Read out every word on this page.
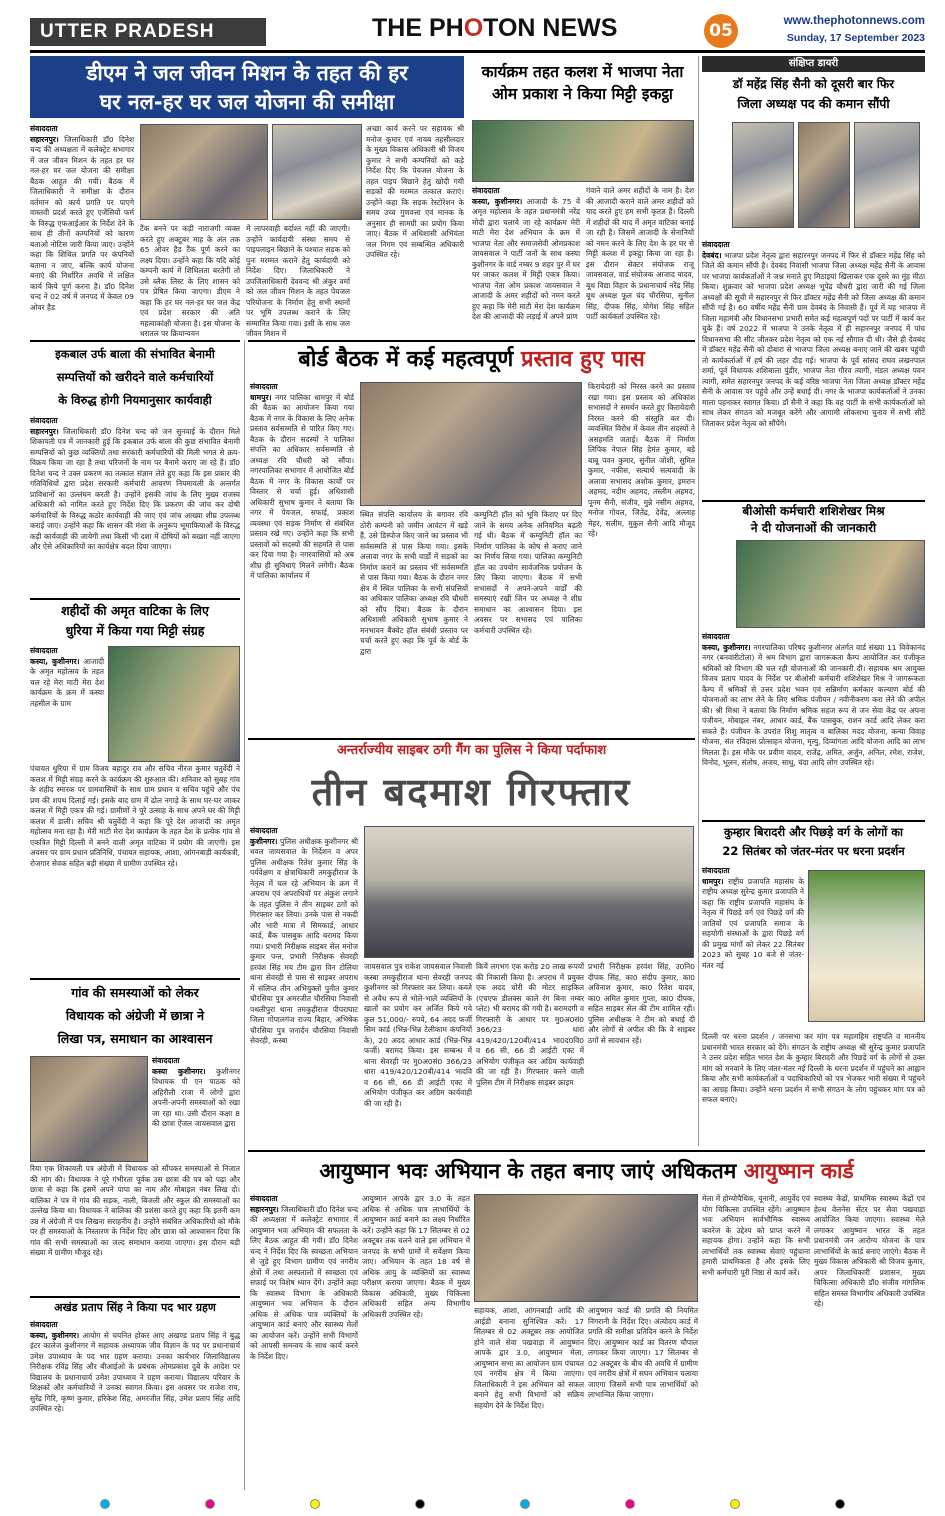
UTTER PRADESH	THE PHOTON NEWS	05	www.thephotonnews.com
Sunday, 17 September 2023
डीएम ने जल जीवन मिशन के तहत की हर
घर नल-हर घर जल योजना की समीक्षा
संवाददाता
सहारनपुर। जिलाधिकारी डॉ0 दिनेश चन्द की अध्यक्षता में कलेक्ट्रेट सभागार में जल जीवन मिशन के तहत हर घर नल-हर घर जल योजना की समीक्षा बैठक आहूत की गयी। बैठक में जिलाधिकारी ने समीक्षा के दौरान वर्तमान को कार्य प्रगति पर पाएगे वास्तवी प्रदर्श करते हुए एजेंसियों फर्म के विरुद्ध एफआईआर के निर्देश देने के साथ ही तीनों कम्पनियों को कारण बताओ नोटिस जारी किया जाए। उन्होंने कहा कि शिथिल प्रगति पर कंपनियों बताना न जाए, बल्कि कार्य योजना बनाएं की निर्धारित अवधि में लक्षित कार्य किये पूर्ण करना है। डॉ0 दिनेश चन्द ने 02 वर्ष में जनपद में केवल 09 ओवर हैड
टैंक बनने पर कड़ी नाराजगी व्यक्त करते हुए अक्टूबर माह के अंत तक 65 ओवर हैड टैंक पूर्ण करने का लक्ष्य दिया। उन्होंने कहा कि यदि कोई कम्पनी कार्य में शिथिलता बरतेगी तो उसे ब्लैक लिस्ट के लिए शासन को पत्र प्रेषित किया जाएगा। डीएम ने कहा कि हर घर नल-हर घर जल केंद्र एवं प्रदेश सरकार की अति महत्वाकांक्षी योजना है। इस योजना के धरातल पर क्रियान्वयन
में लापरवाही बर्दाश्त नहीं की जाएगी। उन्होंने कार्यदायी संस्था समय से पाइपलाइन बिछाने के पश्चात सड़क को पुनः मरम्मत कराने हेतु कार्यदायी को निर्देश दिए। जिलाधिकारी ने उपजिलाधिकारी देववन्द श्री अंकुर वर्मा को जल जीवन मिशन के तहत पेयजल परियोजना के निर्माण हेतु सभी स्थानों पर भूमि उपलब्ध कराने के लिए सम्मानित किया गया। इसी के साथ जल जीवन मिशन में
अच्छा कार्य करने पर सहायक श्री मनोज कुमार एवं नायब तहसीलदार के मुख्य विकास अधिकारी श्री विजय कुमार ने सभी कम्पनियों को कड़े निर्देश दिए कि पेयजल योजना के तहत पाइप बिछाने हेतु खोदी गयी सड़कों की मरम्मत तत्काल कराएं। उन्होंने कहा कि सड़क रेस्टोरेशन के समय उच्च गुणवत्ता एवं मानक के अनुसार ही सामग्री का प्रयोग किया जाए। बैठक में अधिशासी अभियंता जल निगम एवं सम्बन्धित अधिकारी उपस्थित रहे।
कार्यक्रम तहत कलश में भाजपा नेता
ओम प्रकाश ने किया मिट्टी इकट्ठा
संवाददाता
कस्या, कुशीनगर। आजादी के 75 वें अमृत महोत्सव के तहत प्रधानमंत्री नरेंद्र मोदी द्वारा चलाये जा रहे कार्यक्रम मेरी माटी मेरा देश अभियान के क्रम में भाजपा नेता और समाजसेवी ओमप्रकाश जायसवाल ने पार्टी जनों के साथ कस्या कुशीनगर के वार्ड नम्बर 9 शहर पुर में घर घर जाकर कलश में मिट्टी एकत्र किया। भाजपा नेता ओम प्रकाश जायसवाल ने आजादी के अमर शहीदों को नमन करते हुए कहा कि मेरी माटी मेरा देश कार्यक्रम देश की आजादी की लड़ाई में अपने प्राण
गंवाने वाले अमर शहीदों के नाम है। देश की आजादी कराने वाले अमर शहीदों को याद करते हुए हम सभी कृतज्ञ हैं। दिल्ली में शहीदों की याद में अमृत वाटिका बनाई जा रही है। जिसमें आजादी के सेनानियों को नमन करने के लिए देश के हर घर से मिट्टी कलश में इकट्ठा किया जा रहा है। इस दौरान सेक्टर संयोजक राजू जायसवाल, वार्ड संयोजक आजाद यादव, बूथ विद्या विहार के प्रधानाचार्य नरेंद्र सिंह बूथ अध्यक्ष फूल चंद चौरसिया, सुनील सिंह, दीपक सिंह, योगेश सिंह सहित पार्टी कार्यकर्ता उपस्थित रहे।
संक्षिप्त डायरी
डॉ महेंद्र सिंह सैनी को दूसरी बार फिर
जिला अध्यक्ष पद की कमान सौंपी
संवाददाता
देवबंद। भाजपा प्रदेश नेतृत्व द्वारा सहारनपुर जनपद में फिर से डॉक्टर महेंद्र सिंह को जिले की कमान सौंपी है। देवबंद निवासी भाजपा जिला अध्यक्ष महेंद्र सैनी के आवास पर भाजपा कार्यकर्ताओं ने जश्न मनाते हुए मिठाइयां खिलाकर एक दूसरे का मुंह मीठा किया। शुक्रवार को भाजपा प्रदेश अध्यक्ष भूपेंद्र चौधरी द्वारा जारी की गई जिला अध्यक्षों की सूची में सहारनपुर से फिर डॉक्टर महेंद्र सैनी को जिला अध्यक्ष की कमान सौंपी गई है। 60 वर्षीय महेंद्र सैनी ग्राम देवबंद के निवासी हैं। पूर्व में यह भाजपा में जिला महामंत्री और विधानसभा प्रभारी समेत कई महत्वपूर्ण पदों पर पार्टी में कार्य कर चुके हैं। वर्ष 2022 में भाजपा ने उनके नेतृत्व में ही सहारनपुर जनपद में पांच विधानसभा की सीट जीतकर प्रदेश नेतृत्व को एक नई सौगात दी थी। जैसे ही देवबंद में डॉक्टर महेंद्र सैनी को दोबारा से भाजपा जिला अध्यक्ष बनाए जाने की खबर पहुंची तो कार्यकर्ताओं में हर्ष की लहर दौड़ गई। भाजपा के पूर्व सांसद राघव लखनपाल शर्मा, पूर्व विधायक शशिबाला पुंडीर, भाजपा नेता गौरव त्यागी, मंडल अध्यक्ष पवन त्यागी, समेत सहारनपुर जनपद के कई वरिष्ठ भाजपा नेता जिला अध्यक्ष डॉक्टर महेंद्र सैनी के आवास पर पहुंचे और उन्हें बधाई दी। नगर के भाजपा कार्यकर्ताओं ने उनका माला पहनाकर स्वागत किया। डॉ सैनी ने कहा कि वह पार्टी के सभी कार्यकर्ताओं को साथ लेकर संगठन को मजबूत करेंगे और आगामी लोकसभा चुनाव में सभी सीटें जिताकर प्रदेश नेतृत्व को सौंपेंगे।
बीओसी कर्मचारी शशिशेखर मिश्र
ने दी योजनाओं की जानकारी
संवाददाता
कस्या, कुशीनगर। नगरपालिका परिषद कुशीनगर अंतर्गत वार्ड संख्या 11 विवेकानंद नगर (बनवारीटोला) में श्रम विभाग द्वारा जागरूकता कैम्प आयोजित कर पंजीकृत श्रमिकों को विभाग की चल रही योजनाओं की जानकारी दी। सहायक श्रम आयुक्त विजय प्रताप यादव के निर्देश पर बीओसी कर्मचारी शशिशेखर मिश्र ने जागरूकता कैम्प में श्रमिकों से उत्तर प्रदेश भवन एवं सन्निर्माण कर्मकार कल्याण बोर्ड की योजनाओं का लाभ लेने के लिए श्रमिक पंजीयन / नवीनीकरण करा लेने की अपील की। श्री मिश्रा ने बताया कि निर्माण श्रमिक सहज रूप से जन सेवा केंद्र पर अपना पंजीयन, मोबाइल नंबर, आधार कार्ड, बैंक पासबुक, राशन कार्ड आदि लेकर करा सकते हैं। पंजीयन के उपरांत शिशु मातृत्व व बालिका मदद योजना, कन्या विवाह योजना, संत रविदास प्रोत्साहन योजना, मृत्यु, दिव्यांगता आदि योजना आदि का लाभ मिलता है। इस मौके पर प्रवीण यादव, राजेंद्र, अमित, अर्जुन, अनिल, रमेश, राजेश, विनोद, भूलन, संतोष, अजय, साधु, चंदा आदि लोग उपस्थित रहे।
कुम्हार बिरादरी और पिछड़े वर्ग के लोगों का
22 सितंबर को जंतर-मंतर पर धरना प्रदर्शन
संवाददाता
धामपुर। राष्ट्रीय प्रजापति महासंघ के राष्ट्रीय अध्यक्ष सुरेन्द्र कुमार प्रजापति ने कहा कि राष्ट्रीय प्रजापति महासंघ के नेतृत्व में पिछड़े वर्ग एवं पिछड़े वर्ग की जातियों एवं प्रजापति समाज के सहयोगी संस्थाओं के द्वारा पिछड़े वर्ग की प्रमुख मांगों को लेकर 22 सितंबर 2023 को सुबह 10 बजे से जंतर-मंतर नई
दिल्ली पर धरना प्रदर्शन / जनसभा कर मांग पत्र महामहिम राष्ट्रपति व माननीय प्रधानमंत्री भारत सरकार को देंगे। संगठन के राष्ट्रीय अध्यक्ष श्री सुरेन्द्र कुमार प्रजापति ने उत्तर प्रदेश सहित भारत देश के कुम्हार बिरादरी और पिछड़े वर्ग के लोगों से उक्त मांग को मनवाने के लिए जंतर-मंतर नई दिल्ली के धरना प्रदर्शन में पहुंचने का आह्वान किया और सभी कार्यकर्ताओं व पदाधिकारियों को पत्र भेजकर भारी संख्या में पहुंचने का आग्रह किया। उन्होंने धरना प्रदर्शन में सभी संगठन के लोग पहुंचकर मांग पत्र को सफल बनाएं।
इकबाल उर्फ बाला की संभावित बेनामी
सम्पत्तियों को खरीदने वाले कर्मचारियों
के विरुद्ध होगी नियमानुसार कार्यवाही
संवाददाता
सहारनपुर। जिलाधिकारी डॉ0 दिनेश चन्द को जन सुनवाई के दौरान मिले शिकायती पत्र में जानकारी हुई कि इकबाल उर्फ बाला की कुछ संभावित बेनामी सम्पत्तियों को कुछ व्यक्तियों तथा सरकारी कर्मचारियों की मिली भगत से क्रय-विक्रय किया जा रहा है तथा परिजनों के नाम पर बैनामे कराए जा रहे हैं। डॉ0 दिनेश चन्द ने उक्त प्रकरण का तत्काल संज्ञान लेते हुए कहा कि इस प्रकार की गतिविधियों द्वारा प्रदेश सरकारी कर्मचारी आचरण नियमावली के अन्तर्गत प्राविधानों का उल्लंघन करती है। उन्होंने इसकी जांच के लिए मुख्य राजस्व अधिकारी को नामित करते हुए निर्देश दिए कि प्रकरण की जांच कर दोषी कर्मचारियों के विरुद्ध कठोर कार्यवाही की जाए एवं जांच आख्या शीघ्र उपलब्ध कराई जाए। उन्होंने कहा कि शासन की मंशा के अनुरूप भूमाफियाओं के विरुद्ध कड़ी कार्यवाही की जायेगी तथा किसी भी दशा में दोषियों को बख्शा नहीं जाएगा और ऐसे अधिकारियों का कार्यक्षेत्र बदल दिया जाएगा।
शहीदों की अमृत वाटिका के लिए
धुरिया में किया गया मिट्टी संग्रह
संवाददाता
कस्या, कुशीनगर। आजादी के अमृत महोत्सव के तहत चल रहे मेरा माटी मेरा देश कार्यक्रम के क्रम में कस्या तहसील के ग्राम
पंचायत धुरिया में ग्राम विजय बहादुर राव और सचिव नीरज कुमार चतुर्वेदी ने कलश में मिट्टी संग्रह करने के कार्यक्रम की शुरुआत की। शनिवार को सुबह गांव के शहीद स्मारक पर ग्रामवासियों के साथ ग्राम प्रधान व सचिव पहुंचे और पंच प्रण की शपथ दिलाई गई। इसके बाद ग्राम में ढोल नगाड़े के साथ घर-घर जाकर कलश में मिट्टी एकत्र की गई। ग्रामीणों ने पूरे उत्साह के साथ अपने घर की मिट्टी कलश में डाली। सचिव श्री चतुर्वेदी ने कहा कि पूरे देश आजादी का अमृत महोत्सव मना रहा है। मेरी माटी मेरा देश कार्यक्रम के तहत देश के प्रत्येक गांव से एकत्रित मिट्टी दिल्ली में बनने वाली अमृत वाटिका में प्रयोग की जाएगी। इस अवसर पर ग्राम प्रधान प्रतिनिधि, पंचायत सहायक, आशा, आंगनबाड़ी कार्यकत्री, रोजगार सेवक सहित बड़ी संख्या में ग्रामीण उपस्थित रहे।
गांव की समस्याओं को लेकर
विधायक को अंग्रेजी में छात्रा ने
लिखा पत्र, समाधान का आश्वासन
संवाददाता
कस्या कुशीनगर। कुशीनगर विधायक पी एन पाठक को अहिरौली राजा में लोगों द्वारा अपनी-अपनी समस्याओं को रखा जा रहा था। उसी दौरान कक्षा 8 की छात्रा ऐंजल जायसवाल द्वारा
रिया एक शिकायती पत्र अंग्रेजी में विधायक को सौंपकर समस्याओं से निजात की मांग की। विधायक ने पूरे गंभीरता पूर्वक उस छात्रा की पत्र को पढ़ा और छात्रा से कहा कि इसमें अपने पापा का नाम और मोबाइल नंबर लिख दो। बालिका ने पत्र में गांव की सड़क, नाली, बिजली और स्कूल की समस्याओं का उल्लेख किया था। विधायक ने बालिका की प्रशंसा करते हुए कहा कि इतनी कम उम्र में अंग्रेजी में पत्र लिखना सराहनीय है। उन्होंने संबंधित अधिकारियों को मौके पर ही समस्याओं के निस्तारण के निर्देश दिए और छात्रा को आश्वासन दिया कि गांव की सभी समस्याओं का जल्द समाधान कराया जाएगा। इस दौरान बड़ी संख्या में ग्रामीण मौजूद रहे।
अखंड प्रताप सिंह ने किया पद भार ग्रहण
संवाददाता
कस्या, कुशीनगर। आयोग से चयनित होकर आए अखण्ड प्रताप सिंह ने बुद्ध इंटर कालेज कुशीनगर में सहायक अध्यापक जीव विज्ञान के पद पर प्रधानाचार्य उमेश उपाध्याय के पद भार ग्रहण कराया। उनका कार्यभार जिलाविद्यालय निरीक्षक रविंद्र सिंह और बीआईओ के प्रबंधक ओमप्रकाश दुबे के आदेश पर विद्यालय के प्रधानाचार्य उमेश उपाध्याय ने ग्रहण कराया। विद्यालय परिवार के शिक्षकों और कर्मचारियों ने उनका स्वागत किया। इस अवसर पर राजेश राय, सुरेंद्र गिरि, कृष्ण कुमार, हरिकेश सिंह, अमरजीत सिंह, उमेश प्रताप सिंह आदि उपस्थित रहे।
बोर्ड बैठक में कई महत्वपूर्ण प्रस्ताव हुए पास
संवाददाता
धामपुर। नगर पालिका धामपुर में बोर्ड की बैठक का आयोजन किया गया बैठक में नगर के विकास के लिए अनेक प्रस्ताव सर्वसम्मति से पारित किए गए। बैठक के दौरान सदस्यों ने पालिका संपत्ति का अधिकार सर्वसम्मति से अध्यक्ष रवि चौधरी को सौंपा। नगरपालिका सभागार में आयोजित बोर्ड बैठक में नगर के विकास कार्यों पर विस्तार से चर्चा हुई। अधिशासी अधिकारी सुभाष कुमार ने बताया कि नगर में पेयजल, सफाई, प्रकाश व्यवस्था एवं सड़क निर्माण से संबंधित प्रस्ताव रखे गए। उन्होंने कहा कि सभी प्रस्तावों को सदस्यों की सहमति से पास कर दिया गया है। नगरवासियों को अब शीघ्र ही सुविधाएं मिलने लगेंगी। बैठक में पालिका कार्यालय में
स्थित संपत्ति कार्यालय के बगावर रवि ठोरी कम्पनी को जमीन आवंटन में खड़े हैं, उसे डिस्पोज किए जाने का प्रस्ताव भी सर्वसम्मति से पास किया गया। इसके अलावा नगर के सभी वार्डों में सड़कों का निर्माण कराने का प्रस्ताव भी सर्वसम्मति से पास किया गया। बैठक के दौरान नगर क्षेत्र में स्थित पालिका के सभी संपत्तियों का अधिकार पालिका अध्यक्ष रवि चौधरी को सौंप दिया। बैठक के दौरान अधिशासी अधिकारी सुभाष कुमार ने मनभावन बैंक्वेट हॉल संबंधी प्रस्ताव पर चर्चा करते हुए कहा कि पूर्व के बोर्ड के द्वारा
कम्युनिटी हॉल को भूमि किराए पर दिए जाने के समय अनेक अनियमित बढ़ती गई थी। बैठक में कम्युनिटी हॉल का निर्माण पालिका के कोष से कराए जाने का निर्णय लिया गया। पालिका कम्युनिटी हॉल का उपयोग सार्वजनिक प्रयोजन के लिए किया जाएगा। बैठक में सभी सभासदों ने अपने-अपने वार्डों की समस्याएं रखीं जिन पर अध्यक्ष ने शीघ्र समाधान का आश्वासन दिया। इस अवसर पर सभासद एवं पालिका कर्मचारी उपस्थित रहे।
किरायेदारी को निरस्त करने का प्रस्ताव रखा गया। इस प्रस्ताव को अधिकांश सभासदों ने समर्थन करते हुए किरायेदारी निरस्त करने की संस्तुति कर दी। व्यवस्थित विरोध में केवल तीन सदस्यों ने असहमति जताई। बैठक में निर्माण लिपिक नेपाल सिंह हेमंत कुमार, बड़े बाबू पवन कुमार, सुनील जोशी, सुमित कुमार, नफीस, सत्यार्थ सत्यवादी के अलावा सभासद अशोक कुमार, इमरान अहमद, नदीम अहमद, तस्लीम अहमद, पूनम सैनी, संजीव, मुन्ने नसीम अहमद, मनोज गोयल, जितेंद्र, देवेंद्र, अल्लाह मेहर, सलीम, मुकुल सैनी आदि मौजूद रहे।
अन्तर्राज्यीय साइबर ठगी गैंग का पुलिस ने किया पर्दाफाश
तीन बदमाश गिरफ्तार
संवाददाता
कुशीनगर। पुलिस अधीक्षक कुशीनगर श्री धवल जायसवाल के निर्देशन व अपर पुलिस अधीक्षक रितेश कुमार सिंह के पर्यवेक्षण व क्षेत्राधिकारी तमकुहीराज के नेतृत्व में चल रहे अभियान के क्रम में अपराध एवं अपराधियों पर अंकुश लगाने के तहत पुलिस ने तीन साइबर ठगों को गिरफ्तार कर लिया। उनके पास से नकदी और भारी मात्रा में सिमकार्ड, आधार कार्ड, बैंक पासबुक आदि बरामद किया गया। प्रभारी निरीक्षक साइबर सेल मनोज कुमार पन्त, प्रभारी निरीक्षक सेवरही हरवंश सिंह मय टीम द्वारा विन टोलिया थाना सेवरही से पास से साइबर अपराध में संलिप्त तीन अभियुक्तों पुनीत कुमार चौरसिया पुत्र अमरजीत चौरसिया निवासी पथलीपुरा थाना तमकुहीराज पीपराघाट जिला गोपालगंज राज्य बिहार, अभिषेक चौरसिया पुत्र जनार्दन चौरसिया निवासी सेवरही, कस्बा
जायसवाल पुत्र राकेश जायसवाल निवासी कस्बा तमकुहीराज थाना सेवरही जनपद कुशीनगर को गिरफ्तार कर लिया। कब्जे से अवैध रूप से भोले-भाले व्यक्तियों के खातों का प्रयोग कर अर्जित किये गये कुल 51,000/- रुपये, 64 अदद फर्जी सिम कार्ड (भिन्न-भिन्न टेलीकाम कंपनियों के), 20 अदद आधार कार्ड (भिन्न-भिन्न फर्जी) बरामद किया। इस सम्बन्ध में थाना सेवरही पर मु0अ0सं0 366/23 धारा 419/420/120बी/414 भादवि व 66 सी, 66 डी आईटी एक्ट में अभियोग पंजीकृत कर अग्रिम कार्यवाही की जा रही है।
कियें लगभग एक करोड़ 20 लाख रूपयों की निकासी किया है। अपराध में प्रयुक्त एक अदद चोरी की मोटर साइकिल (एचएफ डीलक्स काले रंग बिना नम्बर प्लेट) भी बरामद की गयी है। बरामदगी व गिरफ्तारी के आधार पर मु0अ0सं0 366/23 धारा 419/420/120बी/414 भा0द0वि0 व 66 सी, 66 डी आईटी एक्ट में अभियोग पंजीकृत कर अग्रिम कार्यवाही की जा रही है। गिरफ्तार करने वाली पुलिस टीम में निरीक्षक साइबर क्राइम
प्रभारी निरीक्षक हरवंश सिंह, उ0नि0 दीपक सिंह, का0 संदीप कुमार, का0 अविनाश कुमार, का0 रितेश यादव, का0 अमित कुमार गुप्ता, का0 दीपक, सहित साइबर सेल की टीम शामिल रही। पुलिस अधीक्षक ने टीम को बधाई दी और लोगों से अपील की कि वे साइबर ठगों से सावधान रहें।
आयुष्मान भवः अभियान के तहत बनाए जाएं अधिकतम आयुष्मान कार्ड
संवाददाता
सहारनपुर। जिलाधिकारी डॉ0 दिनेश चन्द की अध्यक्षता में कलेक्ट्रेट सभागार में आयुष्मान भवः अभियान की सफलता के लिए बैठक आहूत की गयी। डॉ0 दिनेश चन्द ने निर्देश दिए कि स्वच्छता अभियान से जुड़े हुए विभाग ग्रामीण एवं नगरीय क्षेत्रों में तथा अस्पतालों में स्वच्छता एवं सफ़ाई पर विशेष ध्यान देंगे। उन्होंने कहा कि स्वास्थ्य विभाग के अधिकारी आयुष्मान भवः अभियान के दौरान अधिक से अधिक पात्र व्यक्तियों के आयुष्मान कार्ड बनाएं और स्वास्थ्य मेलों का आयोजन करें। उन्होंने सभी विभागों को आपसी समन्वय के साथ कार्य करने के निर्देश दिए।
आयुष्मान आपके द्वार 3.0 के तहत अधिक से अधिक पात्र लाभार्थियों के आयुष्मान कार्ड बनाने का लक्ष्य निर्धारित करें। उन्होंने कहा कि 17 सितम्बर से 02 अक्टूबर तक चलने वाले इस अभियान में जनपद के सभी ग्रामों में सर्वेक्षण किया जाए। अभियान के तहत 18 वर्ष से अधिक आयु के व्यक्तियों का स्वास्थ्य परीक्षण कराया जाएगा। बैठक में मुख्य विकास अधिकारी, मुख्य चिकित्सा अधिकारी सहित अन्य विभागीय अधिकारी उपस्थित रहे।	सहायक, आशा, आंगनबाड़ी आदि की आईडी बनाना सुनिश्चित करें। 17 सितम्बर से 02 अक्टूबर तक आयोजित होने वाले सेवा पखवाड़ा में आयुष्मान आपके द्वार 3.0, आयुष्मान मेला, आयुष्मान सभा का आयोजन ग्राम पंचायत एवं नगरीय क्षेत्र में किया जाएगा। जिलाधिकारी ने इस अभियान को सफल बनाने हेतु सभी विभागों को सक्रिय सहयोग देने के निर्देश दिए।
आयुष्मान कार्ड की प्रगति की नियमित निगरानी के निर्देश दिए। अंत्योदय कार्ड में प्रगति की समीक्षा प्रतिदिन करने के निर्देश दिए। आयुष्मान कार्ड का वितरण चौपाल लगाकर किया जाएगा। 17 सितम्बर से 02 अक्टूबर के बीच की अवधि में ग्रामीण एवं नगरीय क्षेत्रों में सघन अभियान चलाया जाएगा जिसमें सभी पात्र लाभार्थियों को लाभान्वित किया जाएगा।
मेला में होम्योपैथिक, यूनानी, आयुर्वेद एवं योग चिकित्सा उपस्थित रहेंगे। आयुष्मान भवः अभियान सार्वभौमिक स्वास्थ्य कवरेज के उद्देश्य को प्राप्त करने में सहायक होगा। उन्होंने कहा कि सभी लाभार्थियों तक स्वास्थ्य सेवाएं पहुंचाना हमारी प्राथमिकता है और इसके लिए सभी कर्मचारी पूरी निष्ठा से कार्य करें।
स्वास्थ्य केंद्रों, प्राथमिक स्वास्थ्य केंद्रों एवं हेल्थ वेलनेस सेंटर पर सेवा पखवाड़ा आयोजित किया जाएगा। स्वास्थ्य मेले लगाकर आयुष्मान भारत के तहत प्रधानमंत्री जन आरोग्य योजना के पात्र लाभार्थियों के कार्ड बनाए जाएंगे। बैठक में मुख्य विकास अधिकारी श्री विजय कुमार, अपर जिलाधिकारी प्रशासन, मुख्य चिकित्सा अधिकारी डॉ0 संजीव मांगलिक सहित समस्त विभागीय अधिकारी उपस्थित रहे।
